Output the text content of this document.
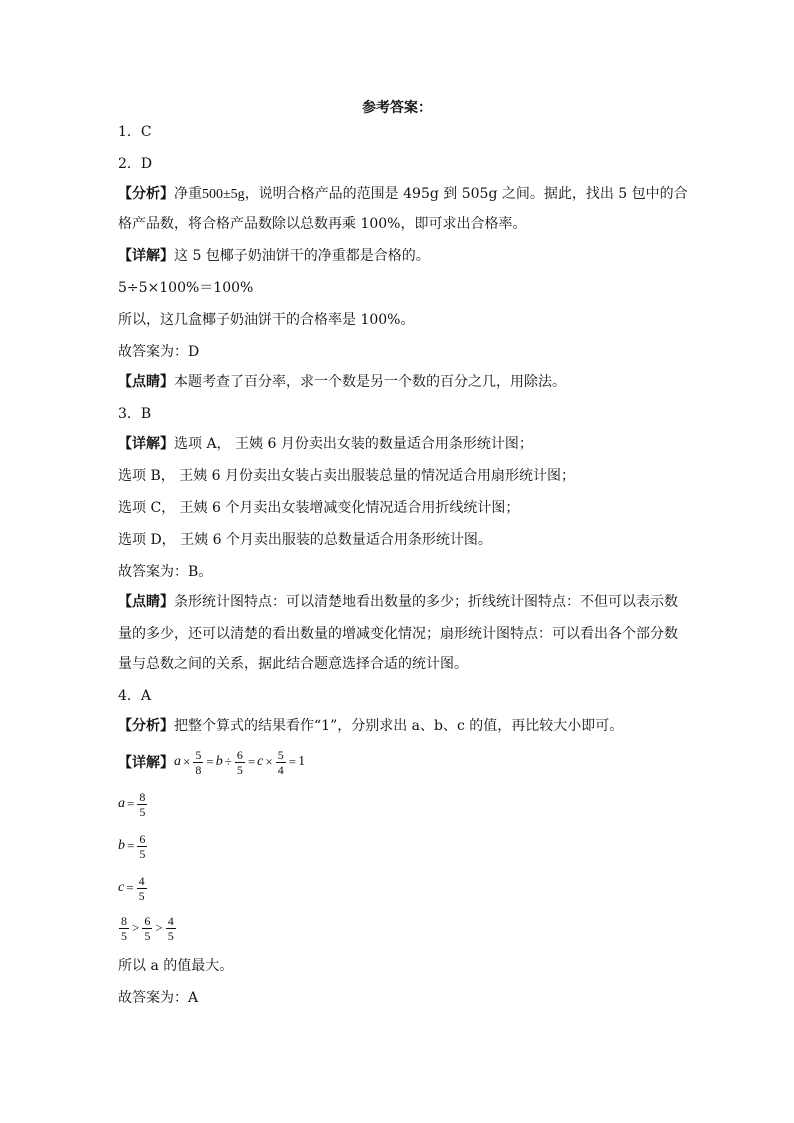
参考答案：
1．C
2．D
【分析】净重500±5g，说明合格产品的范围是 495g 到 505g 之间。据此，找出 5 包中的合
格产品数，将合格产品数除以总数再乘 100%，即可求出合格率。
【详解】这 5 包椰子奶油饼干的净重都是合格的。
5÷5×100%＝100%
所以，这几盒椰子奶油饼干的合格率是 100%。
故答案为：D
【点睛】本题考查了百分率，求一个数是另一个数的百分之几，用除法。
3．B
【详解】选项 A， 王姨 6 月份卖出女装的数量适合用条形统计图；
选项 B， 王姨 6 月份卖出女装占卖出服装总量的情况适合用扇形统计图；
选项 C， 王姨 6 个月卖出女装增减变化情况适合用折线统计图；
选项 D， 王姨 6 个月卖出服装的总数量适合用条形统计图。
故答案为：B。
【点睛】条形统计图特点：可以清楚地看出数量的多少；折线统计图特点：不但可以表示数
量的多少，还可以清楚的看出数量的增减变化情况；扇形统计图特点：可以看出各个部分数
量与总数之间的关系，据此结合题意选择合适的统计图。
4．A
【分析】把整个算式的结果看作“1”，分别求出 a、b、c 的值，再比较大小即可。
【详解】 $a \times \frac{5}{8} = b \div \frac{6}{5} = c \times \frac{5}{4} = 1$
$a = \frac{8}{5}$
$b = \frac{6}{5}$
$c = \frac{4}{5}$
$\frac{8}{5} > \frac{6}{5} > \frac{4}{5}$
所以 a 的值最大。
故答案为：A
